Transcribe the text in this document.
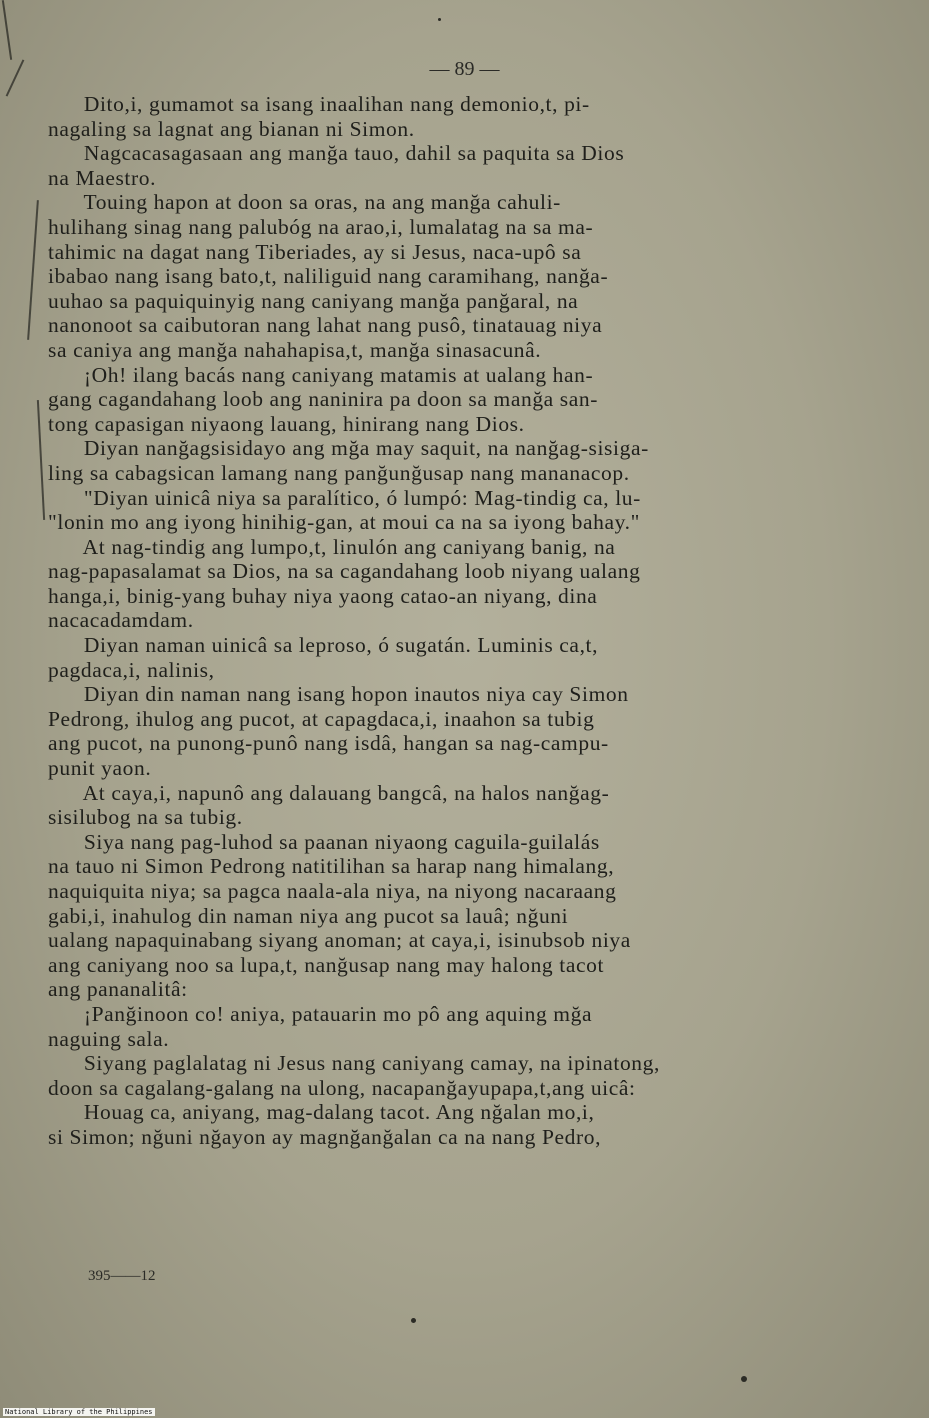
— 89 —
Dito,i, gumamot sa isang inaalihan nang demonio,t, pi-
nagaling sa lagnat ang bianan ni Simon.
Nagcacasagasaan ang manğa tauo, dahil sa paquita sa Dios
na Maestro.
Touing hapon at doon sa oras, na ang manğa cahuli-
hulihang sinag nang palubóg na arao,i, lumalatag na sa ma-
tahimic na dagat nang Tiberiades, ay si Jesus, naca-upô sa
ibabao nang isang bato,t, naliliguid nang caramihang, nanğa-
uuhao sa paquiquinyig nang caniyang manğa panğaral, na
nanonoot sa caibutoran nang lahat nang pusô, tinatauag niya
sa caniya ang manğa nahahapisa,t, manğa sinasacunâ.
¡Oh! ilang bacás nang caniyang matamis at ualang han-
gang cagandahang loob ang naninira pa doon sa manğa san-
tong capasigan niyaong lauang, hinirang nang Dios.
Diyan nanğagsisidayo ang mğa may saquit, na nanğag-sisiga-
ling sa cabagsican lamang nang panğunğusap nang mananacop.
"Diyan uinicâ niya sa paralítico, ó lumpó: Mag-tindig ca, lu-
"lonin mo ang iyong hinihig-gan, at moui ca na sa iyong bahay."
At nag-tindig ang lumpo,t, linulón ang caniyang banig, na
nag-papasalamat sa Dios, na sa cagandahang loob niyang ualang
hanga,i, binig-yang buhay niya yaong catao-an niyang, dina
nacacadamdam.
Diyan naman uinicâ sa leproso, ó sugatán. Luminis ca,t,
pagdaca,i, nalinis,
Diyan din naman nang isang hopon inautos niya cay Simon
Pedrong, ihulog ang pucot, at capagdaca,i, inaahon sa tubig
ang pucot, na punong-punô nang isdâ, hangan sa nag-campu-
punit yaon.
At caya,i, napunô ang dalauang bangcâ, na halos nanğag-
sisilubog na sa tubig.
Siya nang pag-luhod sa paanan niyaong caguila-guilalás
na tauo ni Simon Pedrong natitilihan sa harap nang himalang,
naquiquita niya; sa pagca naala-ala niya, na niyong nacaraang
gabi,i, inahulog din naman niya ang pucot sa lauâ; nğuni
ualang napaquinabang siyang anoman; at caya,i, isinubsob niya
ang caniyang noo sa lupa,t, nanğusap nang may halong tacot
ang pananalitâ:
¡Panğinoon co! aniya, patauarin mo pô ang aquing mğa
naguing sala.
Siyang paglalatag ni Jesus nang caniyang camay, na ipinatong,
doon sa cagalang-galang na ulong, nacapanğayupapa,t,ang uicâ:
Houag ca, aniyang, mag-dalang tacot. Ang nğalan mo,i,
si Simon; nğuni nğayon ay magnğanğalan ca na nang Pedro,
395——12
National Library of the Philippines
